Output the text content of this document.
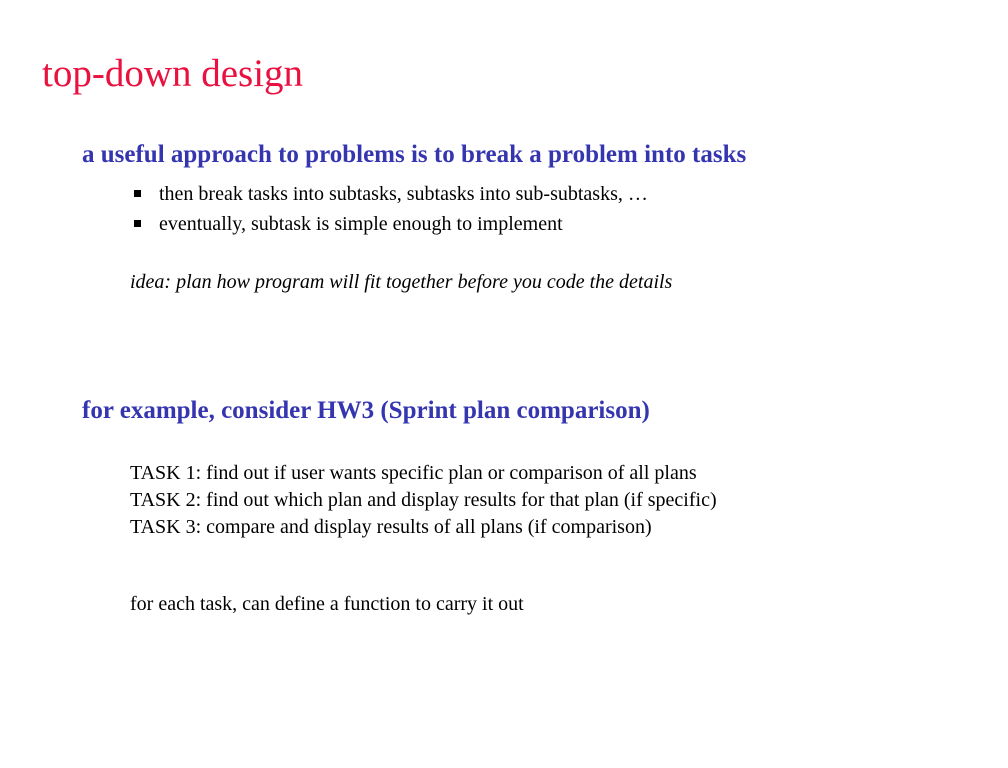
top-down design
a useful approach to problems is to break a problem into tasks
then break tasks into subtasks, subtasks into sub-subtasks, …
eventually, subtask is simple enough to implement

idea: plan how program will fit together before you code the details

for example, consider HW3 (Sprint plan comparison)
TASK 1: find out if user wants specific plan or comparison of all plans
TASK 2: find out which plan and display results for that plan (if specific)
TASK 3: compare and display results of all plans (if comparison)

for each task, can define a function to carry it out
